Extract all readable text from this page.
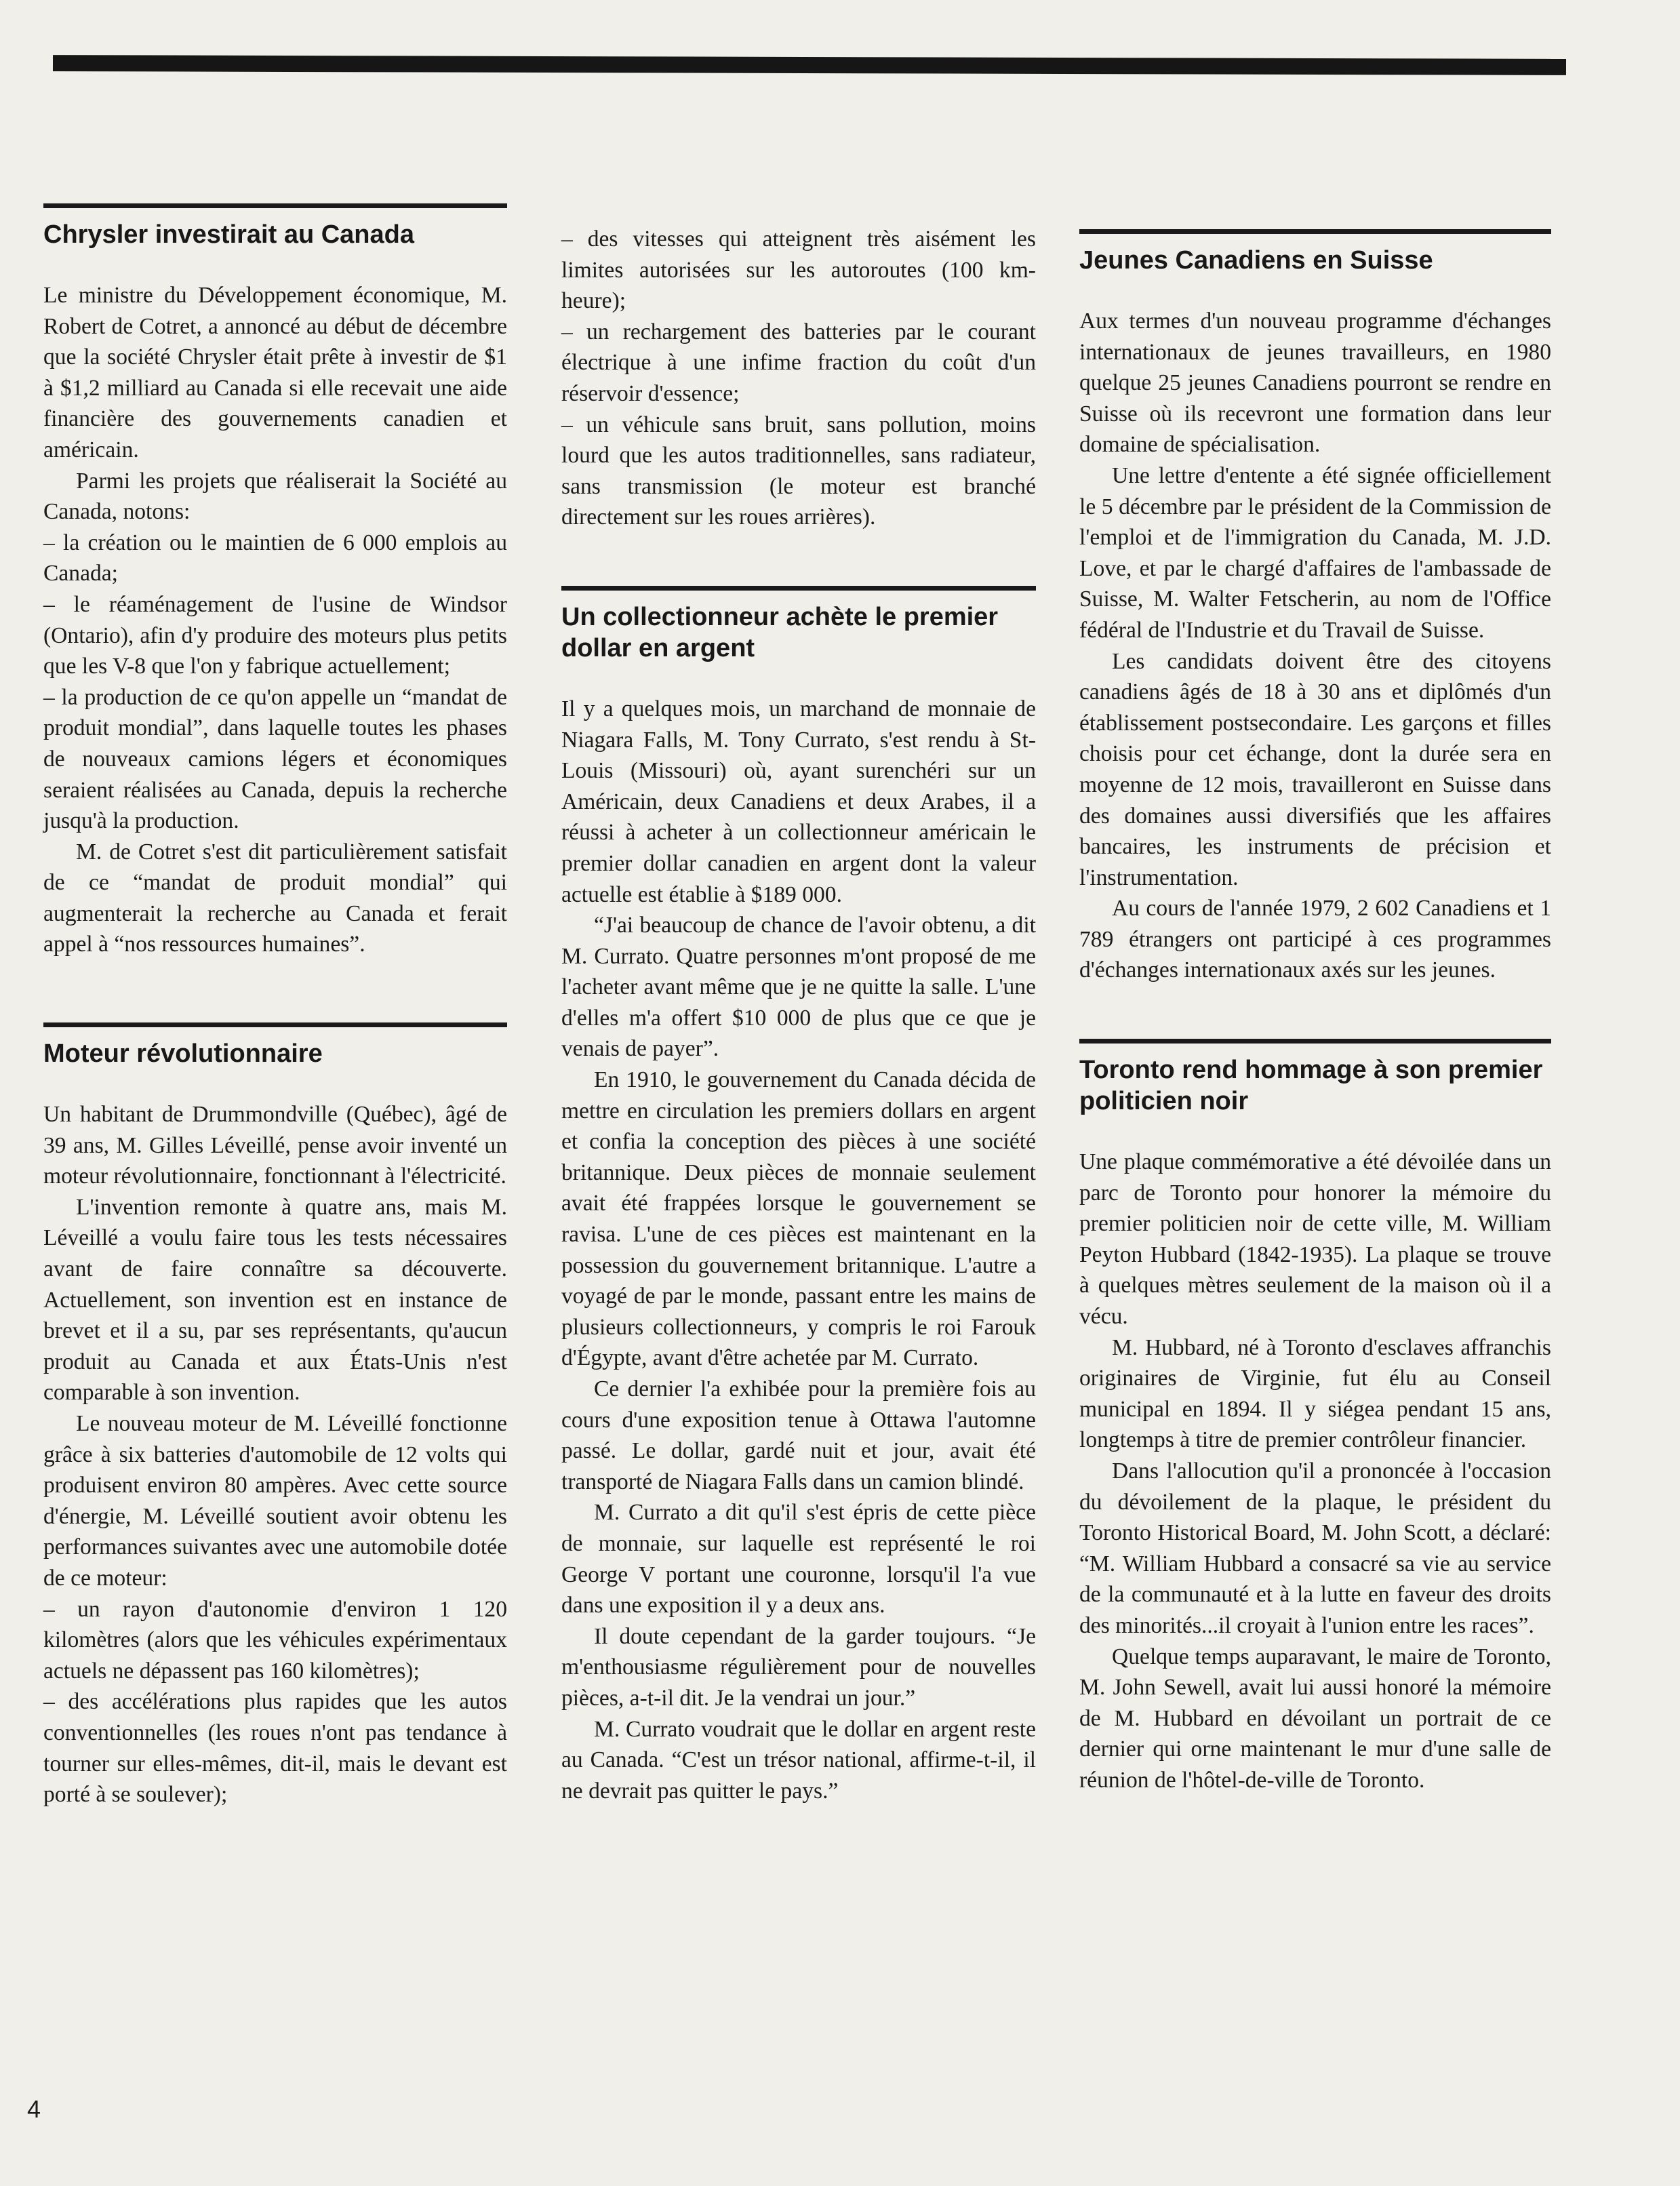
Chrysler investirait au Canada

Le ministre du Développement économique, M. Robert de Cotret, a annoncé au début de décembre que la société Chrysler était prête à investir de $1 à $1,2 milliard au Canada si elle recevait une aide financière des gouvernements canadien et américain.

Parmi les projets que réaliserait la Société au Canada, notons:

– la création ou le maintien de 6 000 emplois au Canada;

– le réaménagement de l'usine de Windsor (Ontario), afin d'y produire des moteurs plus petits que les V-8 que l'on y fabrique actuellement;

– la production de ce qu'on appelle un “mandat de produit mondial”, dans laquelle toutes les phases de nouveaux camions légers et économiques seraient réalisées au Canada, depuis la recherche jusqu'à la production.

M. de Cotret s'est dit particulièrement satisfait de ce “mandat de produit mondial” qui augmenterait la recherche au Canada et ferait appel à “nos ressources humaines”.

Moteur révolutionnaire

Un habitant de Drummondville (Québec), âgé de 39 ans, M. Gilles Léveillé, pense avoir inventé un moteur révolutionnaire, fonctionnant à l'électricité.

L'invention remonte à quatre ans, mais M. Léveillé a voulu faire tous les tests nécessaires avant de faire connaître sa découverte. Actuellement, son invention est en instance de brevet et il a su, par ses représentants, qu'aucun produit au Canada et aux États-Unis n'est comparable à son invention.

Le nouveau moteur de M. Léveillé fonctionne grâce à six batteries d'automobile de 12 volts qui produisent environ 80 ampères. Avec cette source d'énergie, M. Léveillé soutient avoir obtenu les performances suivantes avec une automobile dotée de ce moteur:

– un rayon d'autonomie d'environ 1 120 kilomètres (alors que les véhicules expérimentaux actuels ne dépassent pas 160 kilomètres);

– des accélérations plus rapides que les autos conventionnelles (les roues n'ont pas tendance à tourner sur elles-mêmes, dit-il, mais le devant est porté à se soulever);

– des vitesses qui atteignent très aisément les limites autorisées sur les autoroutes (100 km-heure);

– un rechargement des batteries par le courant électrique à une infime fraction du coût d'un réservoir d'essence;

– un véhicule sans bruit, sans pollution, moins lourd que les autos traditionnelles, sans radiateur, sans transmission (le moteur est branché directement sur les roues arrières).

Un collectionneur achète le premier dollar en argent

Il y a quelques mois, un marchand de monnaie de Niagara Falls, M. Tony Currato, s'est rendu à St-Louis (Missouri) où, ayant surenchéri sur un Américain, deux Canadiens et deux Arabes, il a réussi à acheter à un collectionneur américain le premier dollar canadien en argent dont la valeur actuelle est établie à $189 000.

“J'ai beaucoup de chance de l'avoir obtenu, a dit M. Currato. Quatre personnes m'ont proposé de me l'acheter avant même que je ne quitte la salle. L'une d'elles m'a offert $10 000 de plus que ce que je venais de payer”.

En 1910, le gouvernement du Canada décida de mettre en circulation les premiers dollars en argent et confia la conception des pièces à une société britannique. Deux pièces de monnaie seulement avait été frappées lorsque le gouvernement se ravisa. L'une de ces pièces est maintenant en la possession du gouvernement britannique. L'autre a voyagé de par le monde, passant entre les mains de plusieurs collectionneurs, y compris le roi Farouk d'Égypte, avant d'être achetée par M. Currato.

Ce dernier l'a exhibée pour la première fois au cours d'une exposition tenue à Ottawa l'automne passé. Le dollar, gardé nuit et jour, avait été transporté de Niagara Falls dans un camion blindé.

M. Currato a dit qu'il s'est épris de cette pièce de monnaie, sur laquelle est représenté le roi George V portant une couronne, lorsqu'il l'a vue dans une exposition il y a deux ans.

Il doute cependant de la garder toujours. “Je m'enthousiasme régulièrement pour de nouvelles pièces, a-t-il dit. Je la vendrai un jour.”

M. Currato voudrait que le dollar en argent reste au Canada. “C'est un trésor national, affirme-t-il, il ne devrait pas quitter le pays.”

Jeunes Canadiens en Suisse

Aux termes d'un nouveau programme d'échanges internationaux de jeunes travailleurs, en 1980 quelque 25 jeunes Canadiens pourront se rendre en Suisse où ils recevront une formation dans leur domaine de spécialisation.

Une lettre d'entente a été signée officiellement le 5 décembre par le président de la Commission de l'emploi et de l'immigration du Canada, M. J.D. Love, et par le chargé d'affaires de l'ambassade de Suisse, M. Walter Fetscherin, au nom de l'Office fédéral de l'Industrie et du Travail de Suisse.

Les candidats doivent être des citoyens canadiens âgés de 18 à 30 ans et diplômés d'un établissement postsecondaire. Les garçons et filles choisis pour cet échange, dont la durée sera en moyenne de 12 mois, travailleront en Suisse dans des domaines aussi diversifiés que les affaires bancaires, les instruments de précision et l'instrumentation.

Au cours de l'année 1979, 2 602 Canadiens et 1 789 étrangers ont participé à ces programmes d'échanges internationaux axés sur les jeunes.

Toronto rend hommage à son premier politicien noir

Une plaque commémorative a été dévoilée dans un parc de Toronto pour honorer la mémoire du premier politicien noir de cette ville, M. William Peyton Hubbard (1842-1935). La plaque se trouve à quelques mètres seulement de la maison où il a vécu.

M. Hubbard, né à Toronto d'esclaves affranchis originaires de Virginie, fut élu au Conseil municipal en 1894. Il y siégea pendant 15 ans, longtemps à titre de premier contrôleur financier.

Dans l'allocution qu'il a prononcée à l'occasion du dévoilement de la plaque, le président du Toronto Historical Board, M. John Scott, a déclaré: “M. William Hubbard a consacré sa vie au service de la communauté et à la lutte en faveur des droits des minorités...il croyait à l'union entre les races”.

Quelque temps auparavant, le maire de Toronto, M. John Sewell, avait lui aussi honoré la mémoire de M. Hubbard en dévoilant un portrait de ce dernier qui orne maintenant le mur d'une salle de réunion de l'hôtel-de-ville de Toronto.

4
